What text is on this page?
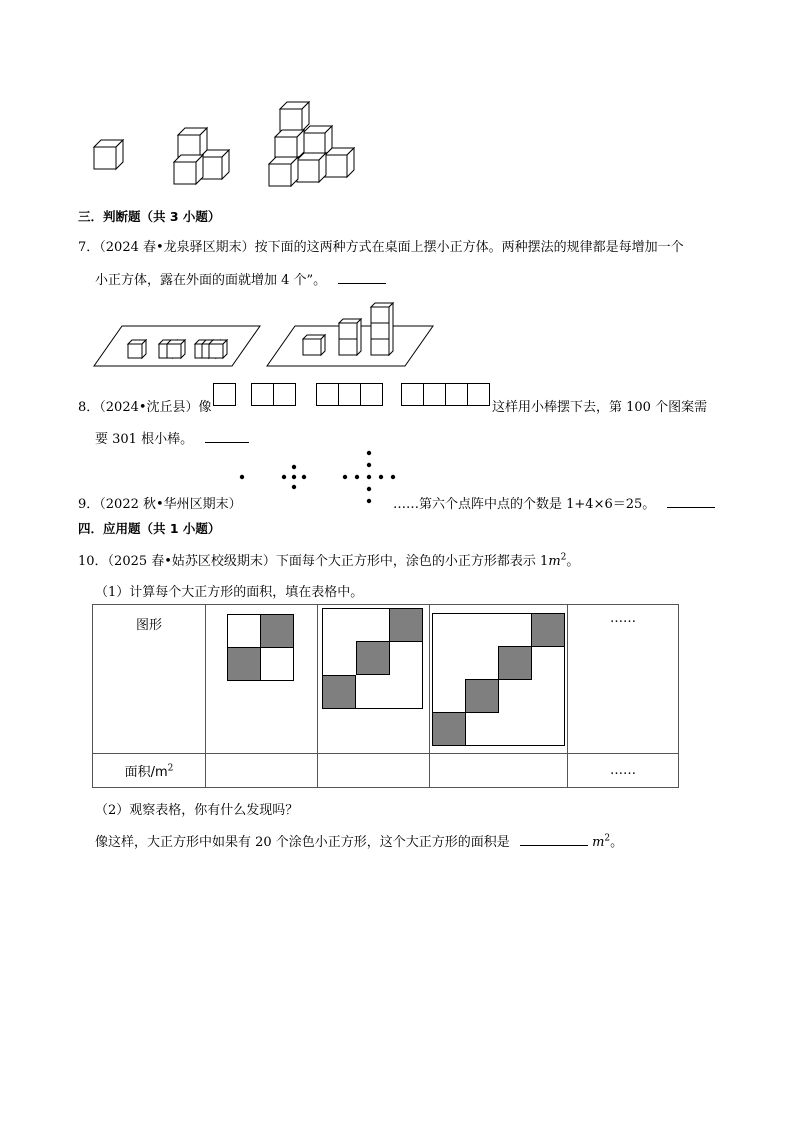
三．判断题（共 3 小题）
7．（2024 春•龙泉驿区期末）按下面的这两种方式在桌面上摆小正方体。两种摆法的规律都是每增加一个
小正方体，露在外面的面就增加 4 个”。
8．（2024•沈丘县）像	这样用小棒摆下去，第 100 个图案需
要 301 根小棒。
9．（2022 秋•华州区期末）	……第六个点阵中点的个数是 1+4×6＝25。
四．应用题（共 1 小题）
10．（2025 春•姑苏区校级期末）下面每个大正方形中，涂色的小正方形都表示 $1m^2$。
（1）计算每个大正方形的面积，填在表格中。
图形				……

面积$/m^2$				……
（2）观察表格，你有什么发现吗？
像这样，大正方形中如果有 20 个涂色小正方形，这个大正方形的面积是	$m^2$。
